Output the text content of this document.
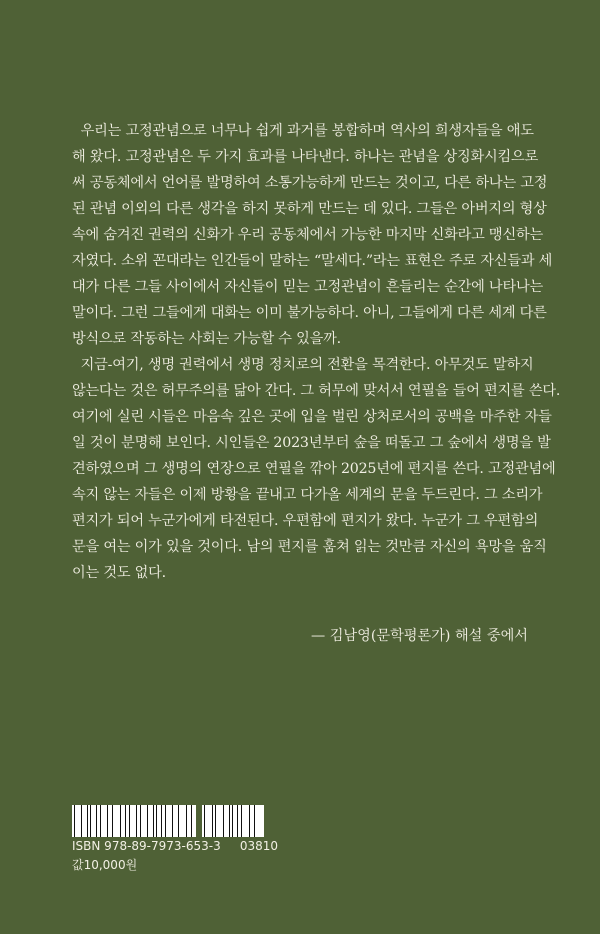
우리는 고정관념으로 너무나 쉽게 과거를 봉합하며 역사의 희생자들을 애도
해 왔다. 고정관념은 두 가지 효과를 나타낸다. 하나는 관념을 상징화시킴으로
써 공동체에서 언어를 발명하여 소통가능하게 만드는 것이고, 다른 하나는 고정
된 관념 이외의 다른 생각을 하지 못하게 만드는 데 있다. 그들은 아버지의 형상
속에 숨겨진 권력의 신화가 우리 공동체에서 가능한 마지막 신화라고 맹신하는
자였다. 소위 꼰대라는 인간들이 말하는 “말세다.”라는 표현은 주로 자신들과 세
대가 다른 그들 사이에서 자신들이 믿는 고정관념이 흔들리는 순간에 나타나는
말이다. 그런 그들에게 대화는 이미 불가능하다. 아니, 그들에게 다른 세계 다른
방식으로 작동하는 사회는 가능할 수 있을까.
지금-여기, 생명 권력에서 생명 정치로의 전환을 목격한다. 아무것도 말하지
않는다는 것은 허무주의를 닮아 간다. 그 허무에 맞서서 연필을 들어 편지를 쓴다.
여기에 실린 시들은 마음속 깊은 곳에 입을 벌린 상처로서의 공백을 마주한 자들
일 것이 분명해 보인다. 시인들은 2023년부터 숲을 떠돌고 그 숲에서 생명을 발
견하였으며 그 생명의 연장으로 연필을 깎아 2025년에 편지를 쓴다. 고정관념에
속지 않는 자들은 이제 방황을 끝내고 다가올 세계의 문을 두드린다. 그 소리가
편지가 되어 누군가에게 타전된다. 우편함에 편지가 왔다. 누군가 그 우편함의
문을 여는 이가 있을 것이다. 남의 편지를 훔쳐 읽는 것만큼 자신의 욕망을 움직
이는 것도 없다.
— 김남영(문학평론가) 해설 중에서
ISBN 978-89-7973-653-3     03810
값10,000원
